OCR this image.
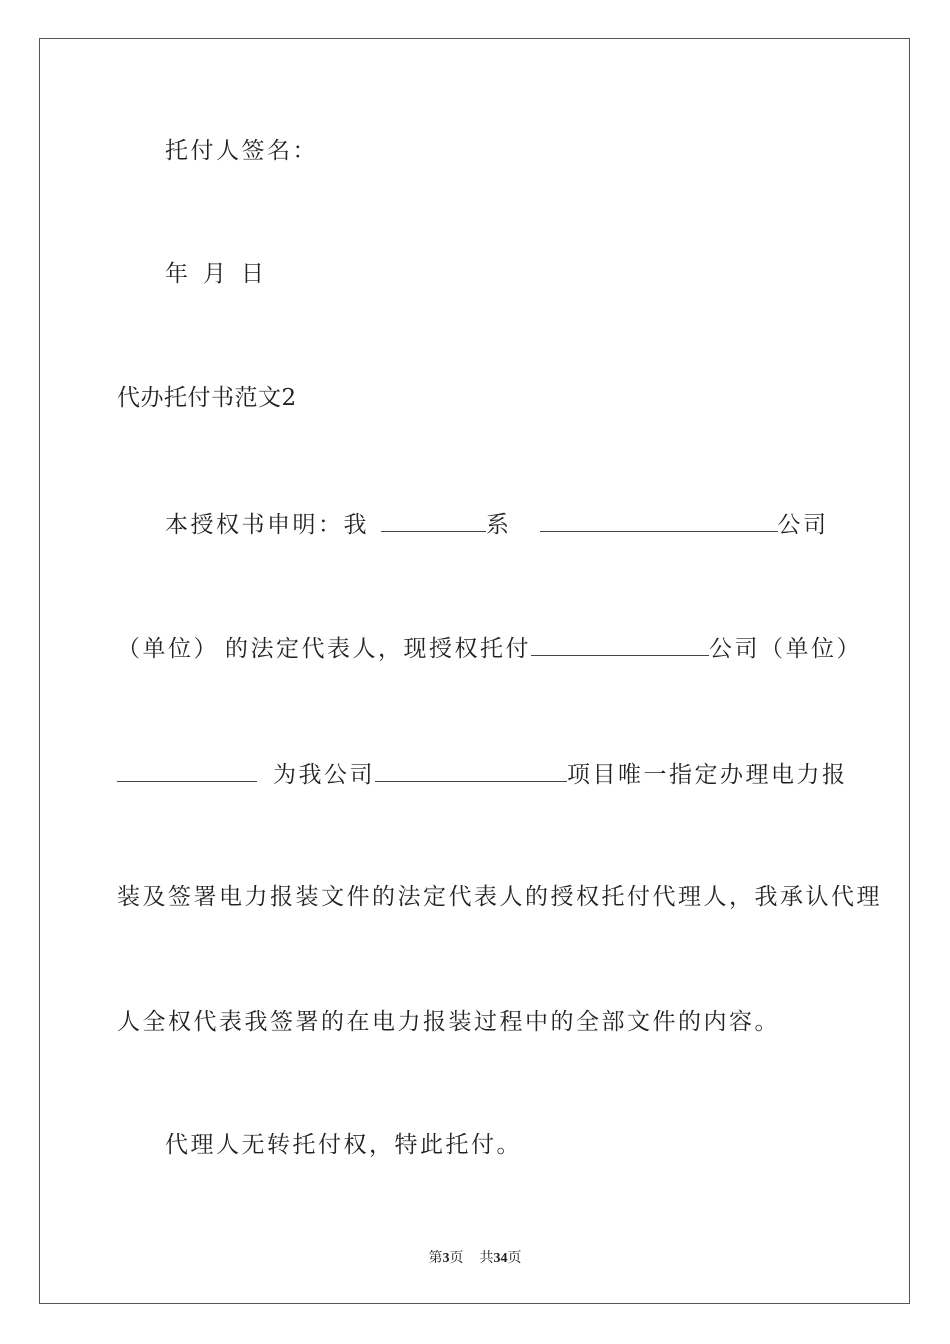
托付人签名：
年 月 日
代办托付书范文2
本授权书申明：我	系	公司
（单位） 的法定代表人，现授权托付	公司（单位）
为我公司	项目唯一指定办理电力报
装及签署电力报装文件的法定代表人的授权托付代理人，我承认代理
人全权代表我签署的在电力报装过程中的全部文件的内容。
代理人无转托付权，特此托付。
第3页 共34页
